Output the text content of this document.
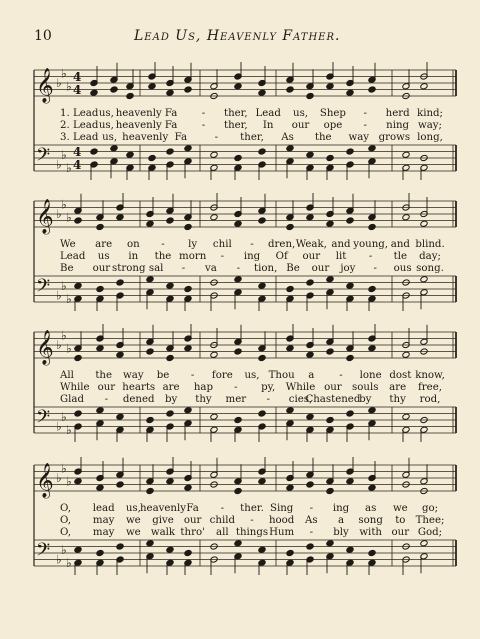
10	Lead Us, Heavenly Father.
𝄞
𝄢
♭
♭
♭
♭
♭
♭
4
4
4
4
1. Lead us, heavenly Fa - ther, Lead us, Shep - herd kind;
2. Lead us, heavenly Fa - ther, In our ope - ning way;
3. Lead us, heavenly Fa	- ther, As the way grows long,
𝄞
𝄢
♭
♭
♭
♭
♭
♭
We are on - ly chil - dren, Weak, and young, and blind.
Lead us in the morn - ing Of our lit - tle day;
Be our strong sal - va - tion, Be our joy - ous song.
𝄞
𝄢
♭
♭
♭
♭
♭
♭
All the way be - fore us, Thou a - lone dost know,
While our hearts are hap - py, While our souls are free,
Glad - dened by thy mer - cies,
Chastened
by thy rod,
𝄞
𝄢
♭
♭
♭
♭
♭
♭
O, lead us, heavenly Fa - ther. Sing - ing as we go;
O, may we give our child - hood As a song to Thee;
O, may we walk thro' all things Hum - bly with our God;
